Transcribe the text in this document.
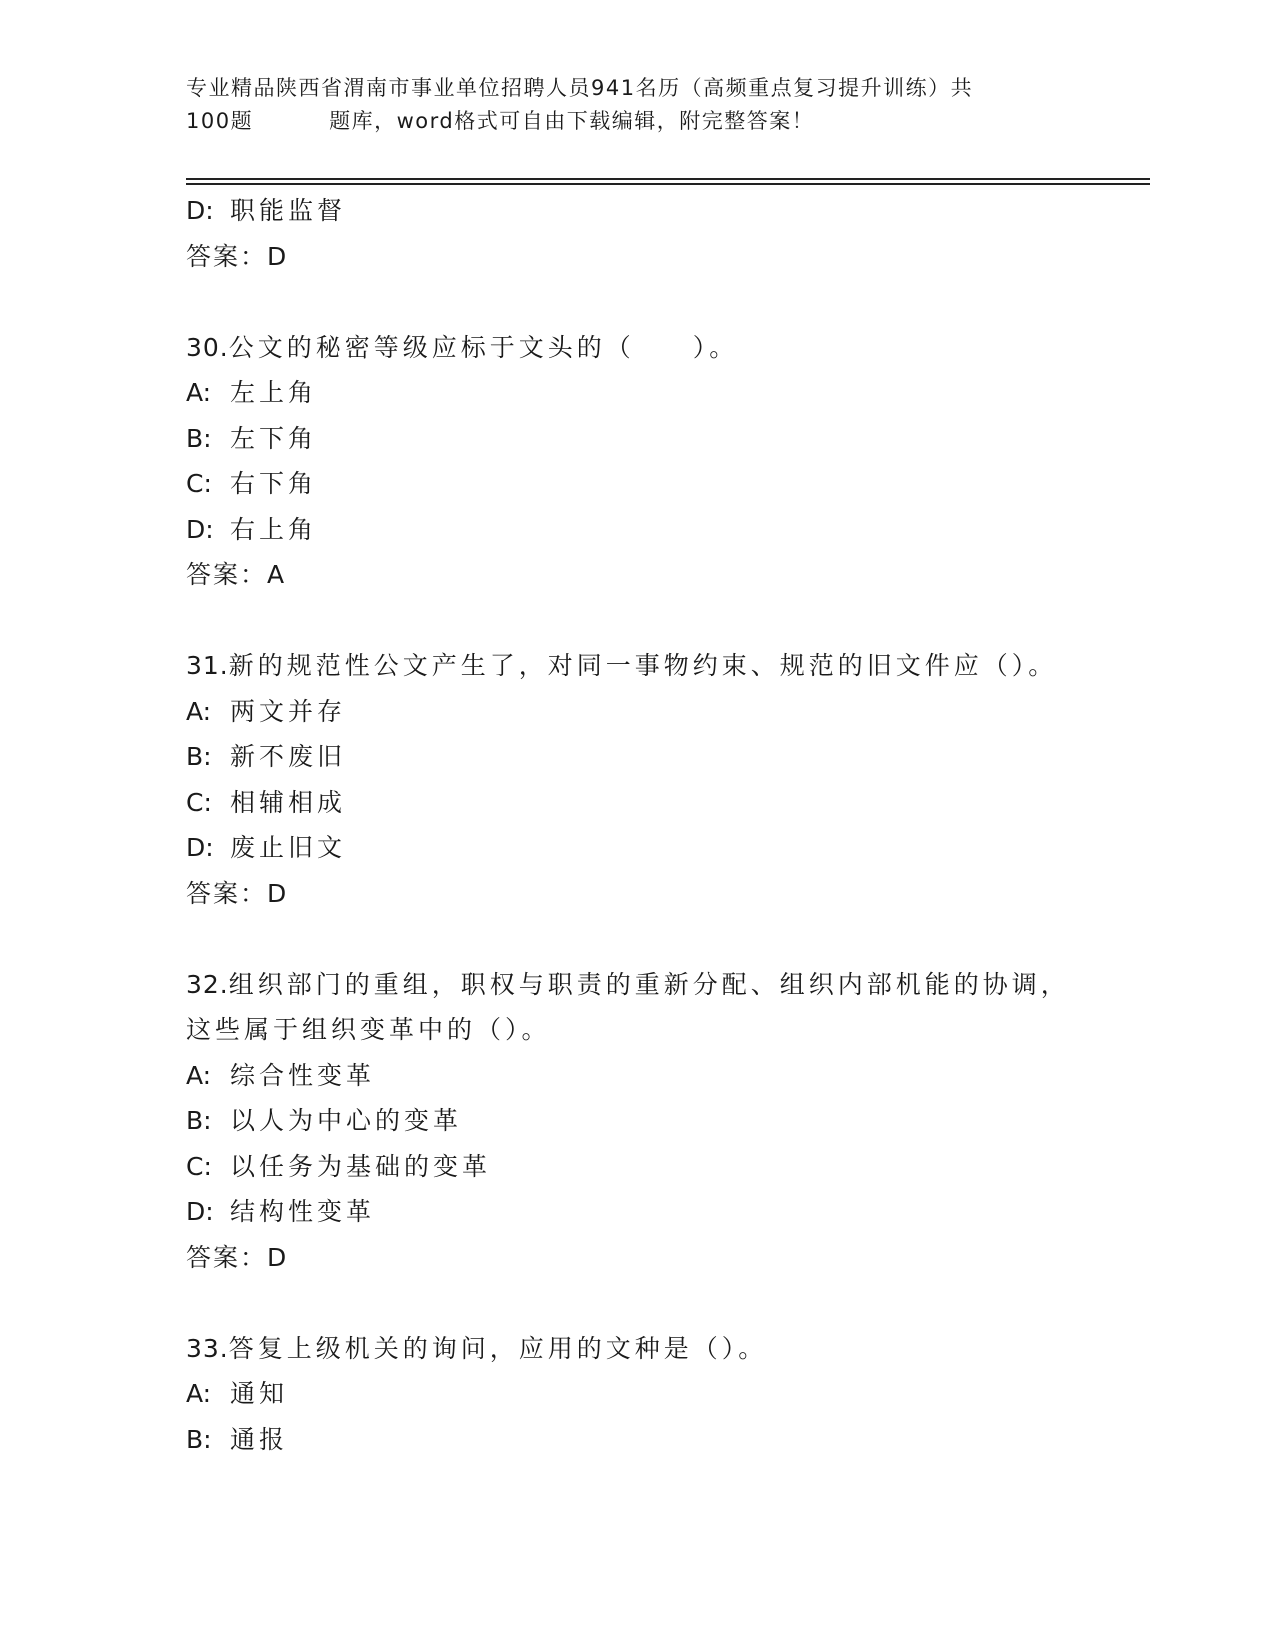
专业精品陕西省渭南市事业单位招聘人员941名历（高频重点复习提升训练）共
100题	题库，word格式可自由下载编辑，附完整答案！
D: 职能监督
答案：D
30.公文的秘密等级应标于文头的（　　）。
A: 左上角
B: 左下角
C: 右下角
D: 右上角
答案：A
31.新的规范性公文产生了，对同一事物约束、规范的旧文件应（）。
A: 两文并存
B: 新不废旧
C: 相辅相成
D: 废止旧文
答案：D
32.组织部门的重组，职权与职责的重新分配、组织内部机能的协调，
这些属于组织变革中的（）。
A: 综合性变革
B: 以人为中心的变革
C: 以任务为基础的变革
D: 结构性变革
答案：D
33.答复上级机关的询问，应用的文种是（）。
A: 通知
B: 通报
